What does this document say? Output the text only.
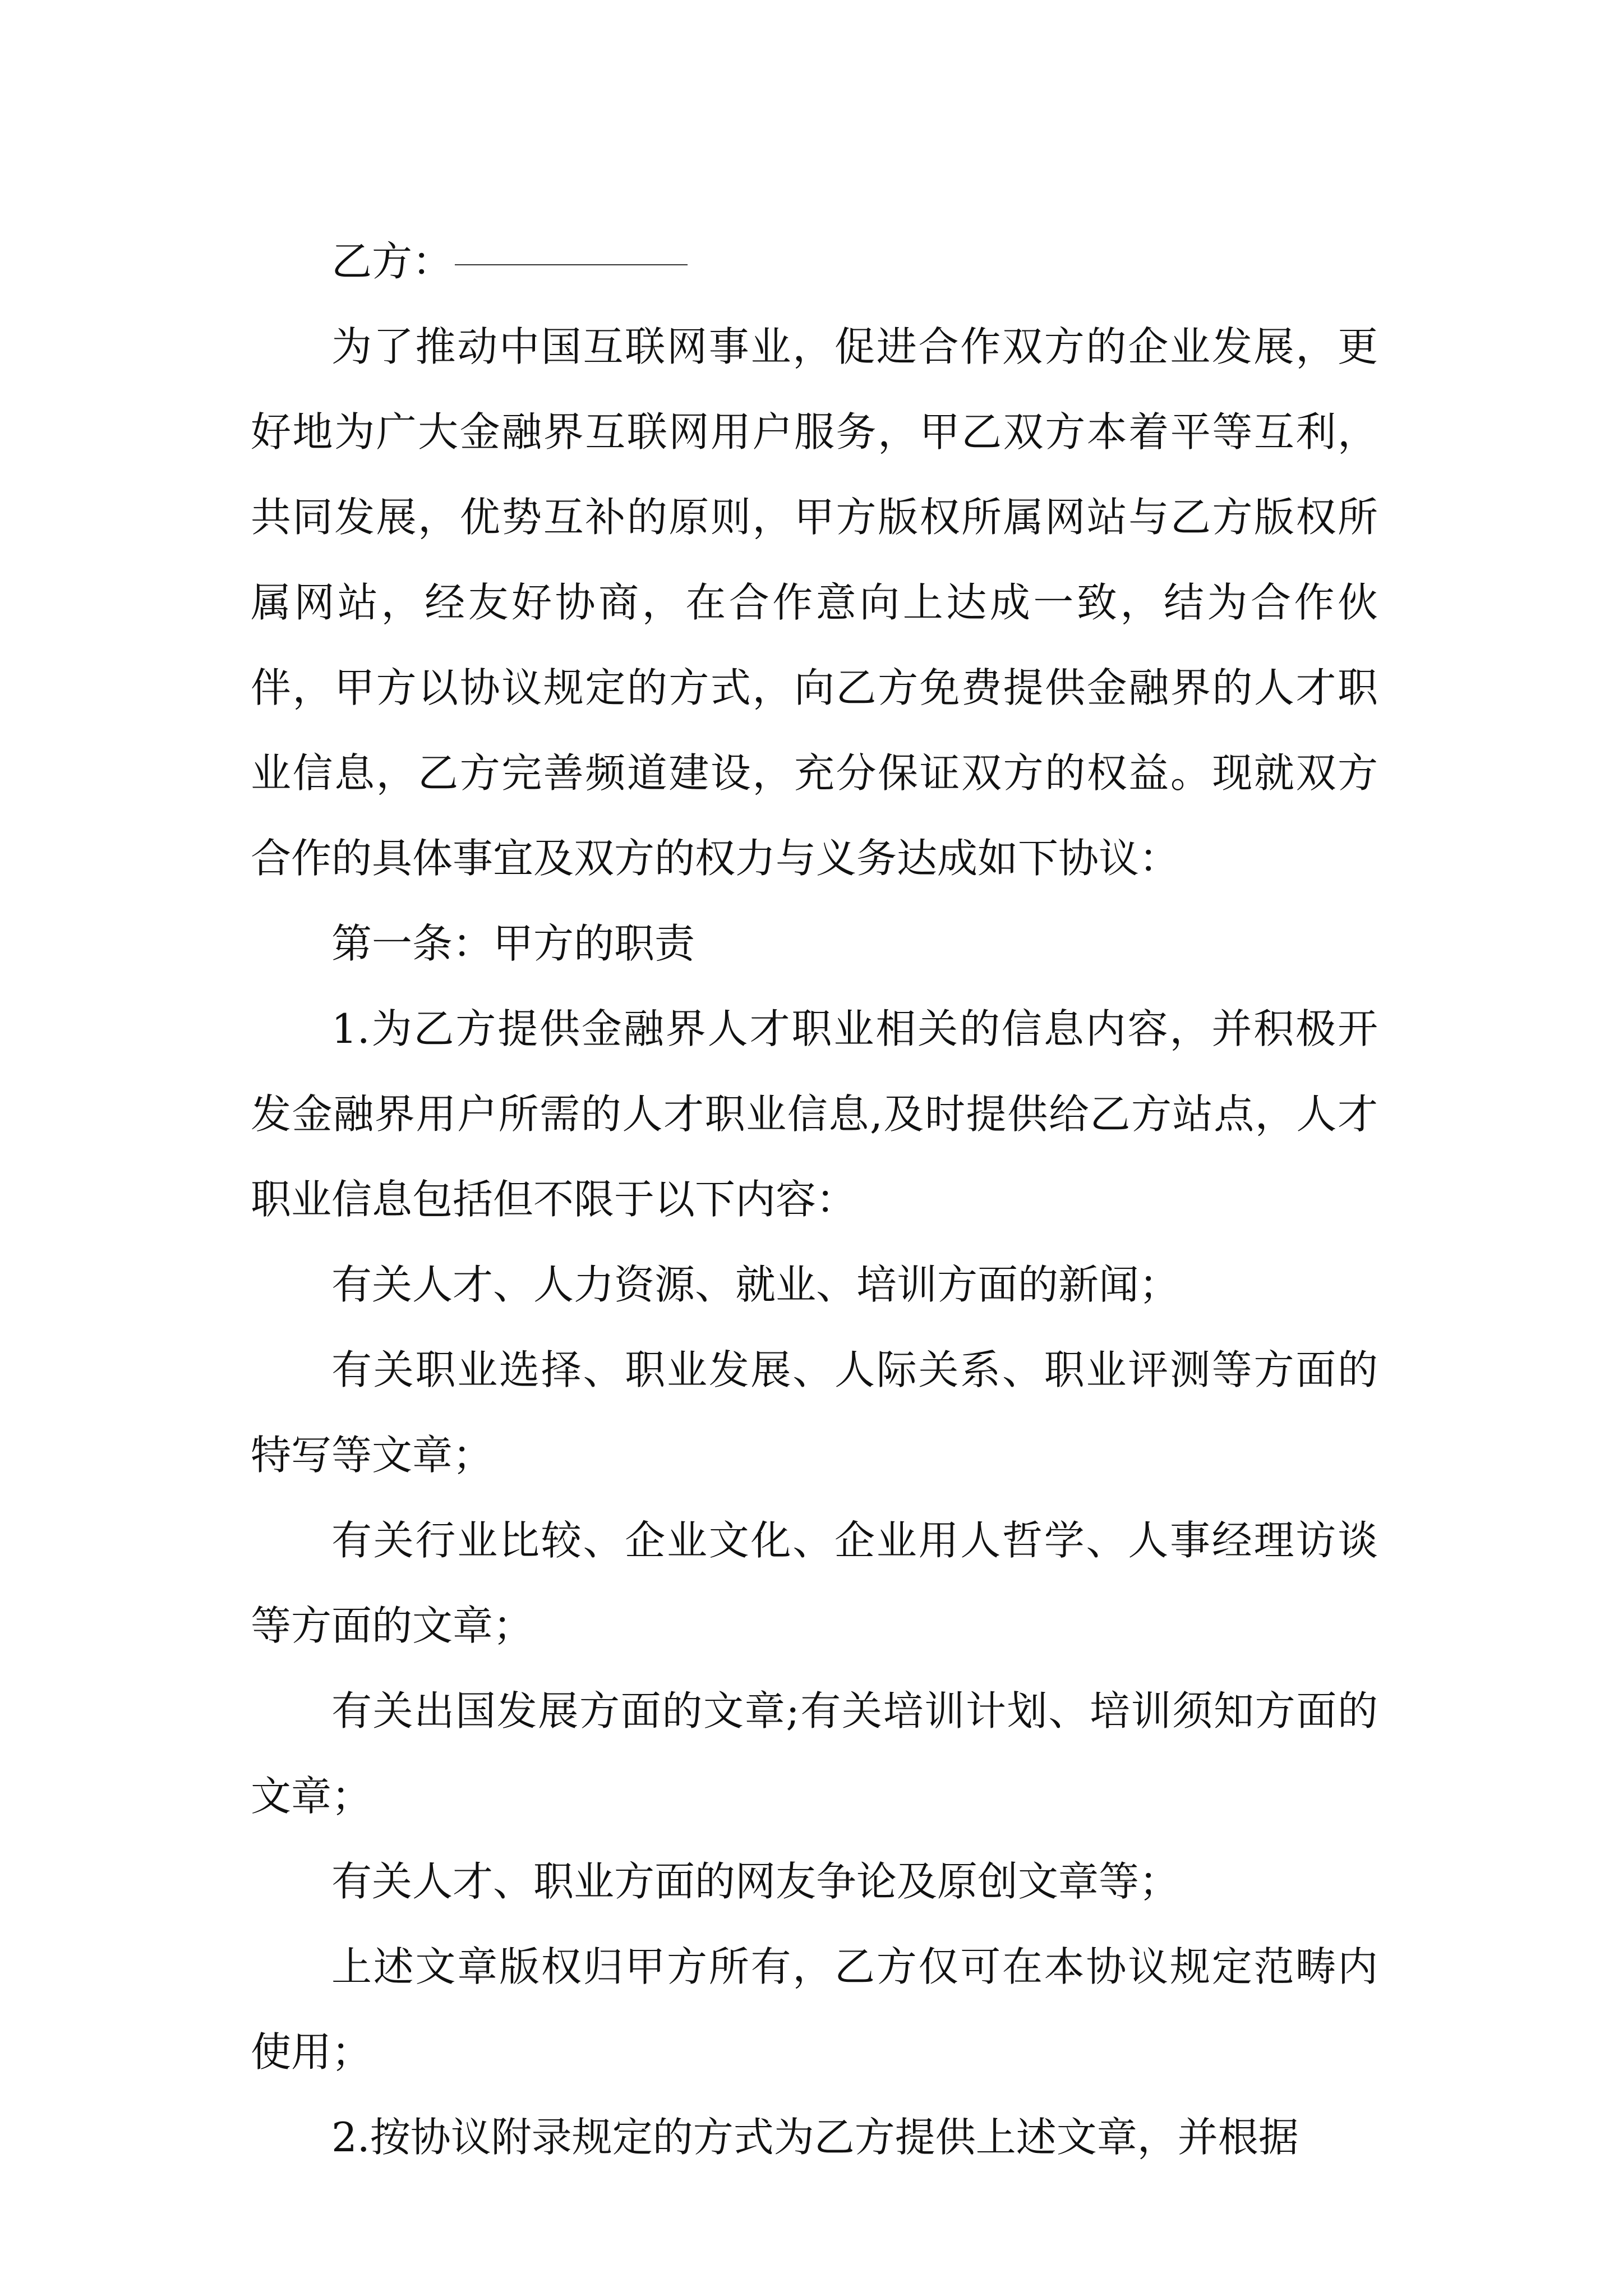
乙方：

为了推动中国互联网事业，促进合作双方的企业发展，更好地为广大金融界互联网用户服务，甲乙双方本着平等互利，共同发展，优势互补的原则，甲方版权所属网站与乙方版权所属网站，经友好协商，在合作意向上达成一致，结为合作伙伴，甲方以协议规定的方式，向乙方免费提供金融界的人才职业信息，乙方完善频道建设，充分保证双方的权益。现就双方合作的具体事宜及双方的权力与义务达成如下协议：

第一条：甲方的职责

1.为乙方提供金融界人才职业相关的信息内容，并积极开发金融界用户所需的人才职业信息,及时提供给乙方站点，人才职业信息包括但不限于以下内容：

有关人才、人力资源、就业、培训方面的新闻；

有关职业选择、职业发展、人际关系、职业评测等方面的特写等文章；

有关行业比较、企业文化、企业用人哲学、人事经理访谈等方面的文章；

有关出国发展方面的文章;有关培训计划、培训须知方面的文章；

有关人才、职业方面的网友争论及原创文章等；

上述文章版权归甲方所有，乙方仅可在本协议规定范畴内使用；

2.按协议附录规定的方式为乙方提供上述文章，并根据
